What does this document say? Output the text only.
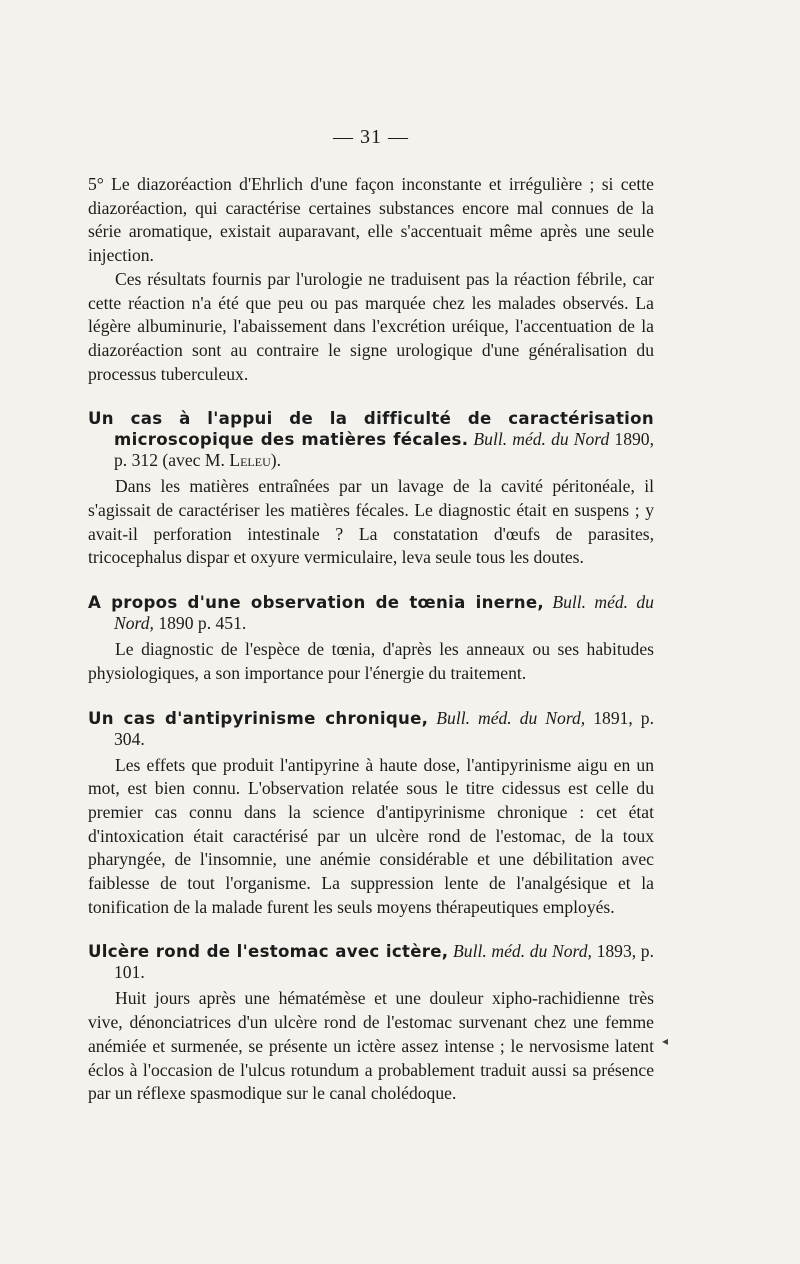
— 31 —

5° Le diazoréaction d'Ehrlich d'une façon inconstante et irrégulière ; si cette diazoréaction, qui caractérise certaines substances encore mal connues de la série aromatique, existait auparavant, elle s'accentuait même après une seule injection.

Ces résultats fournis par l'urologie ne traduisent pas la réaction fébrile, car cette réaction n'a été que peu ou pas marquée chez les malades observés. La légère albuminurie, l'abaissement dans l'excrétion uréique, l'accentuation de la diazoréaction sont au contraire le signe urologique d'une généralisation du processus tuberculeux.

Un cas à l'appui de la difficulté de caractérisation microscopique des matières fécales. Bull. méd. du Nord 1890, p. 312 (avec M. Leleu).

Dans les matières entraînées par un lavage de la cavité péritonéale, il s'agissait de caractériser les matières fécales. Le diagnostic était en suspens ; y avait-il perforation intestinale ? La constatation d'œufs de parasites, tricocephalus dispar et oxyure vermiculaire, leva seule tous les doutes.

A propos d'une observation de tœnia inerne, Bull. méd. du Nord, 1890 p. 451.

Le diagnostic de l'espèce de tœnia, d'après les anneaux ou ses habitudes physiologiques, a son importance pour l'énergie du traitement.

Un cas d'antipyrinisme chronique, Bull. méd. du Nord, 1891, p. 304.

Les effets que produit l'antipyrine à haute dose, l'antipyrinisme aigu en un mot, est bien connu. L'observation relatée sous le titre cidessus est celle du premier cas connu dans la science d'antipyrinisme chronique : cet état d'intoxication était caractérisé par un ulcère rond de l'estomac, de la toux pharyngée, de l'insomnie, une anémie considérable et une débilitation avec faiblesse de tout l'organisme. La suppression lente de l'analgésique et la tonification de la malade furent les seuls moyens thérapeutiques employés.

Ulcère rond de l'estomac avec ictère, Bull. méd. du Nord, 1893, p. 101.

Huit jours après une hématémèse et une douleur xipho-rachidienne très vive, dénonciatrices d'un ulcère rond de l'estomac survenant chez une femme anémiée et surmenée, se présente un ictère assez intense ; le nervosisme latent éclos à l'occasion de l'ulcus rotundum a probablement traduit aussi sa présence par un réflexe spasmodique sur le canal cholédoque.

◂
